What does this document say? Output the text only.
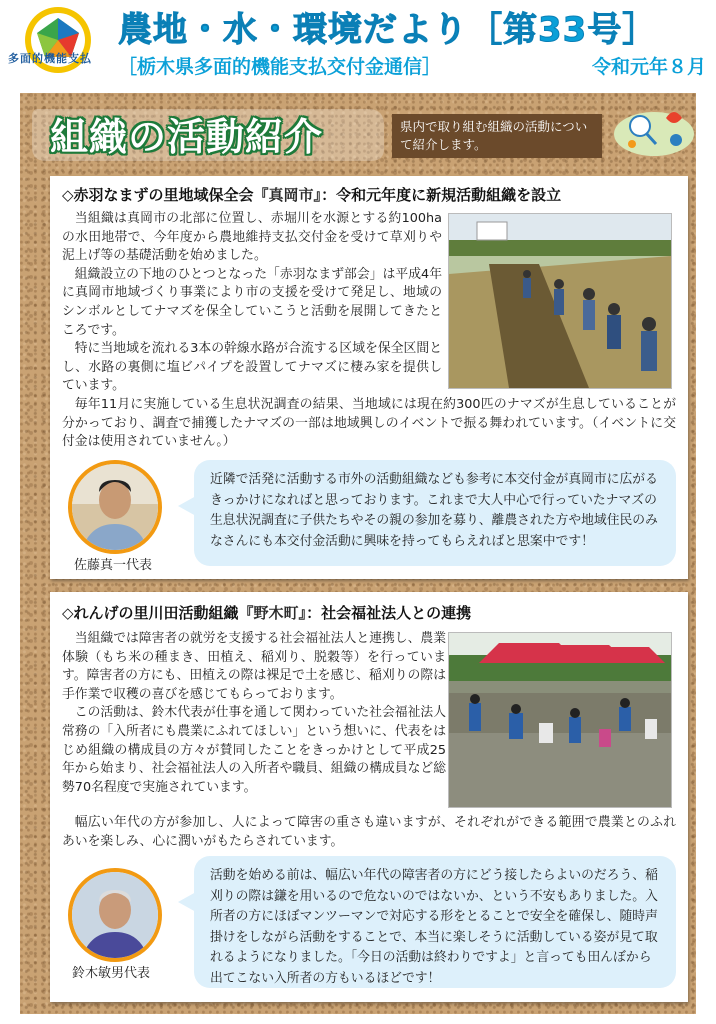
多面的機能支払
農地・水・環境だより［第33号］
［栃木県多面的機能支払交付金通信］	令和元年８月
組織の活動紹介	県内で取り組む組織の活動について紹介します。
◇赤羽なまずの里地域保全会『真岡市』：令和元年度に新規活動組織を設立

当組織は真岡市の北部に位置し、赤堀川を水源とする約100haの水田地帯で、今年度から農地維持支払交付金を受けて草刈りや泥上げ等の基礎活動を始めました。

組織設立の下地のひとつとなった「赤羽なまず部会」は平成4年に真岡市地域づくり事業により市の支援を受けて発足し、地域のシンボルとしてナマズを保全していこうと活動を展開してきたところです。

特に当地域を流れる3本の幹線水路が合流する区域を保全区間とし、水路の裏側に塩ビパイプを設置してナマズに棲み家を提供しています。

毎年11月に実施している生息状況調査の結果、当地域には現在約300匹のナマズが生息していることが分かっており、調査で捕獲したナマズの一部は地域興しのイベントで振る舞われています。（イベントに交付金は使用されていません。）

佐藤真一代表
近隣で活発に活動する市外の活動組織なども参考に本交付金が真岡市に広がるきっかけになればと思っております。これまで大人中心で行っていたナマズの生息状況調査に子供たちやその親の参加を募り、離農された方や地域住民のみなさんにも本交付金活動に興味を持ってもらえればと思案中です！
◇れんげの里川田活動組織『野木町』：社会福祉法人との連携

当組織では障害者の就労を支援する社会福祉法人と連携し、農業体験（もち米の種まき、田植え、稲刈り、脱穀等）を行っています。障害者の方にも、田植えの際は裸足で土を感じ、稲刈りの際は手作業で収穫の喜びを感じてもらっております。

この活動は、鈴木代表が仕事を通して関わっていた社会福祉法人常務の「入所者にも農業にふれてほしい」という想いに、代表をはじめ組織の構成員の方々が賛同したことをきっかけとして平成25年から始まり、社会福祉法人の入所者や職員、組織の構成員など総勢70名程度で実施されています。

幅広い年代の方が参加し、人によって障害の重さも違いますが、それぞれができる範囲で農業とのふれあいを楽しみ、心に潤いがもたらされています。

鈴木敏男代表
活動を始める前は、幅広い年代の障害者の方にどう接したらよいのだろう、稲刈りの際は鎌を用いるので危ないのではないか、という不安もありました。入所者の方にほぼマンツーマンで対応する形をとることで安全を確保し、随時声掛けをしながら活動をすることで、本当に楽しそうに活動している姿が見て取れるようになりました。「今日の活動は終わりですよ」と言っても田んぼから出てこない入所者の方もいるほどです！
